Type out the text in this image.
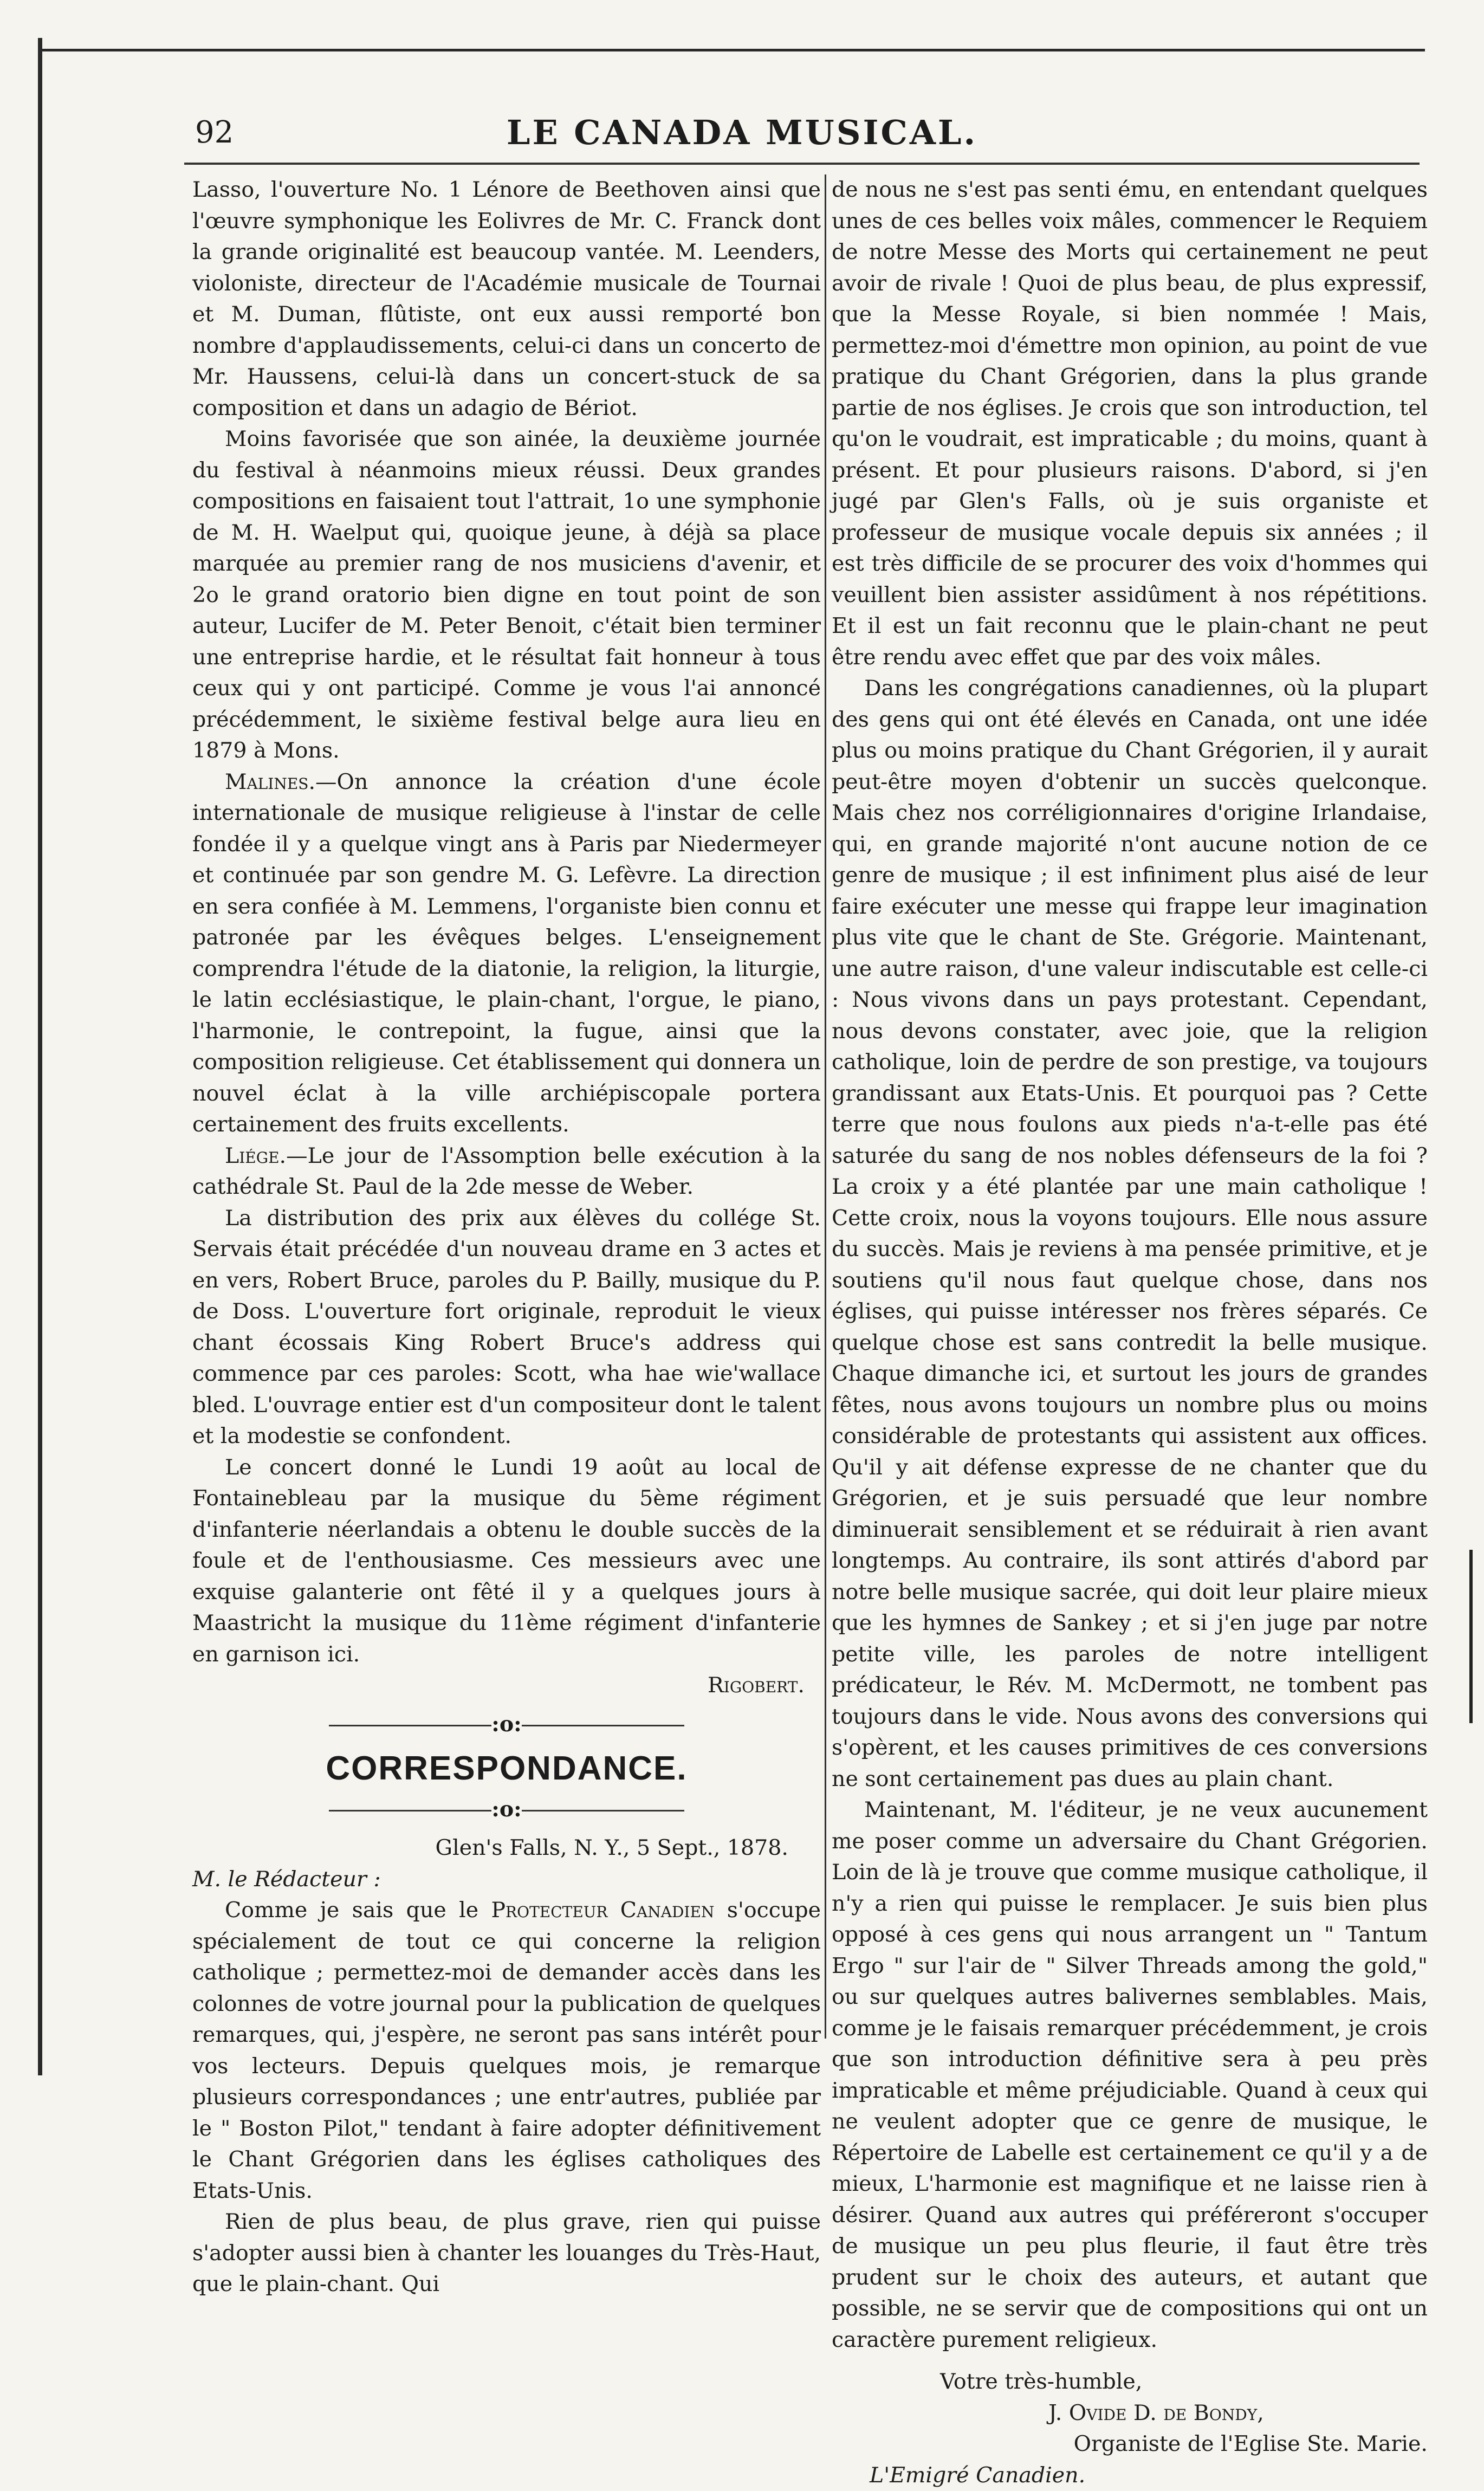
92	LE CANADA MUSICAL.

Lasso, l'ouverture No. 1 Lénore de Beethoven ainsi que l'œuvre symphonique les Eolivres de Mr. C. Franck dont la grande originalité est beaucoup vantée. M. Leenders, violoniste, directeur de l'Académie musicale de Tournai et M. Duman, flûtiste, ont eux aussi remporté bon nombre d'applaudissements, celui-ci dans un concerto de Mr. Haussens, celui-là dans un concert-stuck de sa composition et dans un adagio de Bériot.

Moins favorisée que son ainée, la deuxième journée du festival à néanmoins mieux réussi. Deux grandes compositions en faisaient tout l'attrait, 1o une symphonie de M. H. Waelput qui, quoique jeune, à déjà sa place marquée au premier rang de nos musiciens d'avenir, et 2o le grand oratorio bien digne en tout point de son auteur, Lucifer de M. Peter Benoit, c'était bien terminer une entreprise hardie, et le résultat fait honneur à tous ceux qui y ont participé. Comme je vous l'ai annoncé précédemment, le sixième festival belge aura lieu en 1879 à Mons.

Malines.—On annonce la création d'une école internationale de musique religieuse à l'instar de celle fondée il y a quelque vingt ans à Paris par Niedermeyer et continuée par son gendre M. G. Lefèvre. La direction en sera confiée à M. Lemmens, l'organiste bien connu et patronée par les évêques belges. L'enseignement comprendra l'étude de la diatonie, la religion, la liturgie, le latin ecclésiastique, le plain-chant, l'orgue, le piano, l'harmonie, le contrepoint, la fugue, ainsi que la composition religieuse. Cet établissement qui donnera un nouvel éclat à la ville archiépiscopale portera certainement des fruits excellents.

Liége.—Le jour de l'Assomption belle exécution à la cathédrale St. Paul de la 2de messe de Weber.

La distribution des prix aux élèves du collége St. Servais était précédée d'un nouveau drame en 3 actes et en vers, Robert Bruce, paroles du P. Bailly, musique du P. de Doss. L'ouverture fort originale, reproduit le vieux chant écossais King Robert Bruce's address qui commence par ces paroles: Scott, wha hae wie'wallace bled. L'ouvrage entier est d'un compositeur dont le talent et la modestie se confondent.

Le concert donné le Lundi 19 août au local de Fontainebleau par la musique du 5ème régiment d'infanterie néerlandais a obtenu le double succès de la foule et de l'enthousiasme. Ces messieurs avec une exquise galanterie ont fêté il y a quelques jours à Maastricht la musique du 11ème régiment d'infanterie en garnison ici.

Rigobert.

:o:

CORRESPONDANCE.

:o:

Glen's Falls, N. Y., 5 Sept., 1878.

M. le Rédacteur :

Comme je sais que le Protecteur Canadien s'occupe spécialement de tout ce qui concerne la religion catholique ; permettez-moi de demander accès dans les colonnes de votre journal pour la publication de quelques remarques, qui, j'espère, ne seront pas sans intérêt pour vos lecteurs. Depuis quelques mois, je remarque plusieurs correspondances ; une entr'autres, publiée par le " Boston Pilot," tendant à faire adopter définitivement le Chant Grégorien dans les églises catholiques des Etats-Unis.

Rien de plus beau, de plus grave, rien qui puisse s'adopter aussi bien à chanter les louanges du Très-Haut, que le plain-chant. Qui

de nous ne s'est pas senti ému, en entendant quelques unes de ces belles voix mâles, commencer le Requiem de notre Messe des Morts qui certainement ne peut avoir de rivale ! Quoi de plus beau, de plus expressif, que la Messe Royale, si bien nommée ! Mais, permettez-moi d'émettre mon opinion, au point de vue pratique du Chant Grégorien, dans la plus grande partie de nos églises. Je crois que son introduction, tel qu'on le voudrait, est impraticable ; du moins, quant à présent. Et pour plusieurs raisons. D'abord, si j'en jugé par Glen's Falls, où je suis organiste et professeur de musique vocale depuis six années ; il est très difficile de se procurer des voix d'hommes qui veuillent bien assister assidûment à nos répétitions. Et il est un fait reconnu que le plain-chant ne peut être rendu avec effet que par des voix mâles.

Dans les congrégations canadiennes, où la plupart des gens qui ont été élevés en Canada, ont une idée plus ou moins pratique du Chant Grégorien, il y aurait peut-être moyen d'obtenir un succès quelconque. Mais chez nos corréligionnaires d'origine Irlandaise, qui, en grande majorité n'ont aucune notion de ce genre de musique ; il est infiniment plus aisé de leur faire exécuter une messe qui frappe leur imagination plus vite que le chant de Ste. Grégorie. Maintenant, une autre raison, d'une valeur indiscutable est celle-ci : Nous vivons dans un pays protestant. Cependant, nous devons constater, avec joie, que la religion catholique, loin de perdre de son prestige, va toujours grandissant aux Etats-Unis. Et pourquoi pas ? Cette terre que nous foulons aux pieds n'a-t-elle pas été saturée du sang de nos nobles défenseurs de la foi ? La croix y a été plantée par une main catholique ! Cette croix, nous la voyons toujours. Elle nous assure du succès. Mais je reviens à ma pensée primitive, et je soutiens qu'il nous faut quelque chose, dans nos églises, qui puisse intéresser nos frères séparés. Ce quelque chose est sans contredit la belle musique. Chaque dimanche ici, et surtout les jours de grandes fêtes, nous avons toujours un nombre plus ou moins considérable de protestants qui assistent aux offices. Qu'il y ait défense expresse de ne chanter que du Grégorien, et je suis persuadé que leur nombre diminuerait sensiblement et se réduirait à rien avant longtemps. Au contraire, ils sont attirés d'abord par notre belle musique sacrée, qui doit leur plaire mieux que les hymnes de Sankey ; et si j'en juge par notre petite ville, les paroles de notre intelligent prédicateur, le Rév. M. McDermott, ne tombent pas toujours dans le vide. Nous avons des conversions qui s'opèrent, et les causes primitives de ces conversions ne sont certainement pas dues au plain chant.

Maintenant, M. l'éditeur, je ne veux aucunement me poser comme un adversaire du Chant Grégorien. Loin de là je trouve que comme musique catholique, il n'y a rien qui puisse le remplacer. Je suis bien plus opposé à ces gens qui nous arrangent un " Tantum Ergo " sur l'air de " Silver Threads among the gold," ou sur quelques autres balivernes semblables. Mais, comme je le faisais remarquer précédemment, je crois que son introduction définitive sera à peu près impraticable et même préjudiciable. Quand à ceux qui ne veulent adopter que ce genre de musique, le Répertoire de Labelle est certainement ce qu'il y a de mieux, L'harmonie est magnifique et ne laisse rien à désirer. Quand aux autres qui préféreront s'occuper de musique un peu plus fleurie, il faut être très prudent sur le choix des auteurs, et autant que possible, ne se servir que de compositions qui ont un caractère purement religieux.

Votre très-humble,
J. Ovide D. de Bondy,
Organiste de l'Eglise Ste. Marie.
L'Emigré Canadien.
